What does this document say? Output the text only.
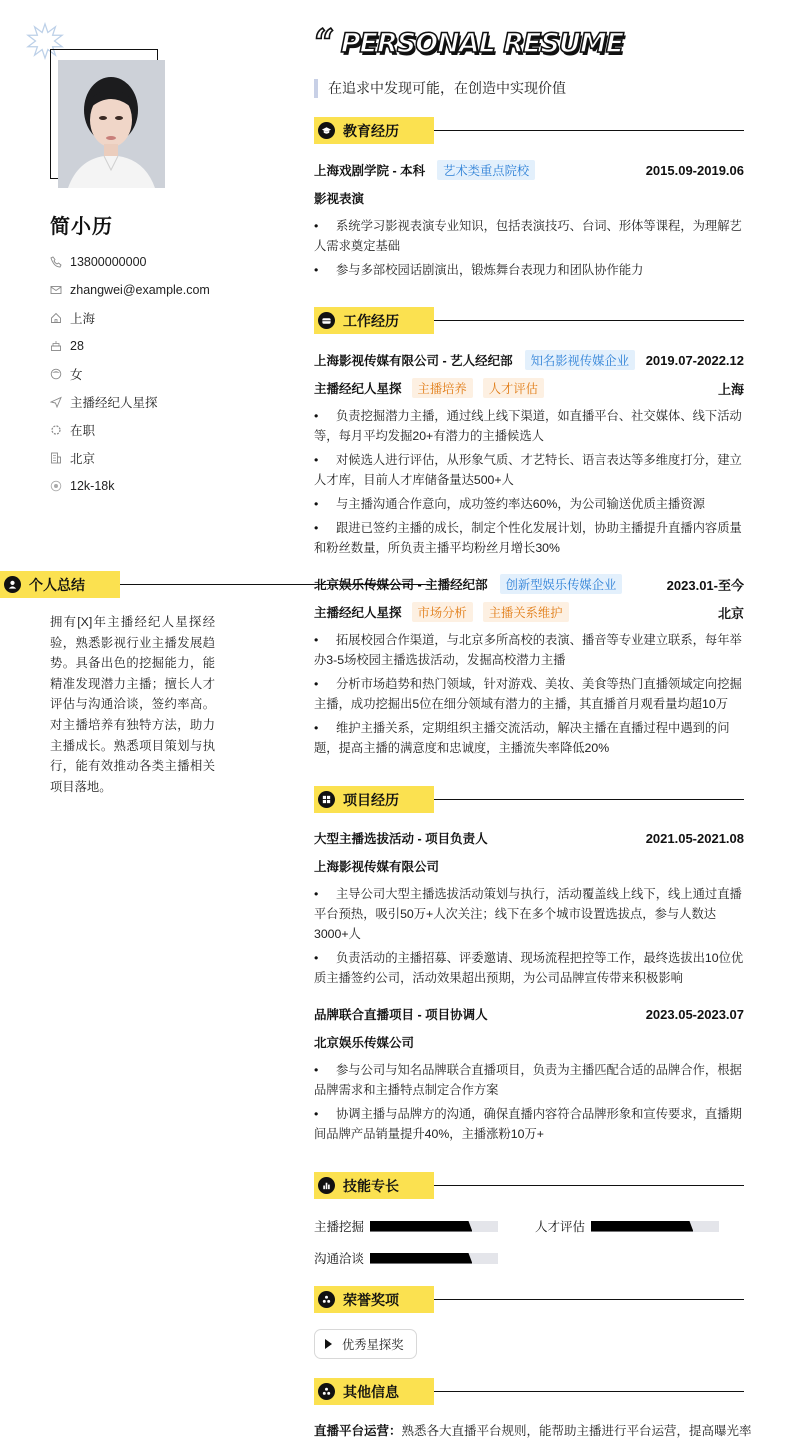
简小历
13800000000
zhangwei@example.com
上海
28
女
主播经纪人星探
在职
北京
12k-18k
个人总结
拥有[X]年主播经纪人星探经验，熟悉影视行业主播发展趋势。具备出色的挖掘能力，能精准发现潜力主播；擅长人才评估与沟通洽谈，签约率高。对主播培养有独特方法，助力主播成长。熟悉项目策划与执行，能有效推动各类主播相关项目落地。
“ PERSONAL RESUME
在追求中发现可能，在创造中实现价值
教育经历
上海戏剧学院 - 本科	艺术类重点院校	2015.09-2019.06
影视表演
• 系统学习影视表演专业知识，包括表演技巧、台词、形体等课程，为理解艺人需求奠定基础
• 参与多部校园话剧演出，锻炼舞台表现力和团队协作能力
工作经历
上海影视传媒有限公司 - 艺人经纪部	知名影视传媒企业	2019.07-2022.12
主播经纪人星探	主播培养	人才评估	上海
• 负责挖掘潜力主播，通过线上线下渠道，如直播平台、社交媒体、线下活动等，每月平均发掘20+有潜力的主播候选人
• 对候选人进行评估，从形象气质、才艺特长、语言表达等多维度打分，建立人才库，目前人才库储备量达500+人
• 与主播沟通合作意向，成功签约率达60%，为公司输送优质主播资源
• 跟进已签约主播的成长，制定个性化发展计划，协助主播提升直播内容质量和粉丝数量，所负责主播平均粉丝月增长30%
北京娱乐传媒公司 - 主播经纪部	创新型娱乐传媒企业	2023.01-至今
主播经纪人星探	市场分析	主播关系维护	北京
• 拓展校园合作渠道，与北京多所高校的表演、播音等专业建立联系，每年举办3-5场校园主播选拔活动，发掘高校潜力主播
• 分析市场趋势和热门领域，针对游戏、美妆、美食等热门直播领域定向挖掘主播，成功挖掘出5位在细分领域有潜力的主播，其直播首月观看量均超10万
• 维护主播关系，定期组织主播交流活动，解决主播在直播过程中遇到的问题，提高主播的满意度和忠诚度，主播流失率降低20%
项目经历
大型主播选拔活动 - 项目负责人	2021.05-2021.08
上海影视传媒有限公司
• 主导公司大型主播选拔活动策划与执行，活动覆盖线上线下，线上通过直播平台预热，吸引50万+人次关注；线下在多个城市设置选拔点，参与人数达3000+人
• 负责活动的主播招募、评委邀请、现场流程把控等工作，最终选拔出10位优质主播签约公司，活动效果超出预期，为公司品牌宣传带来积极影响
品牌联合直播项目 - 项目协调人	2023.05-2023.07
北京娱乐传媒公司
• 参与公司与知名品牌联合直播项目，负责为主播匹配合适的品牌合作，根据品牌需求和主播特点制定合作方案
• 协调主播与品牌方的沟通，确保直播内容符合品牌形象和宣传要求，直播期间品牌产品销量提升40%，主播涨粉10万+
技能专长
主播挖掘	人才评估
沟通洽谈
荣誉奖项
优秀星探奖
其他信息
直播平台运营：熟悉各大直播平台规则，能帮助主播进行平台运营，提高曝光率
